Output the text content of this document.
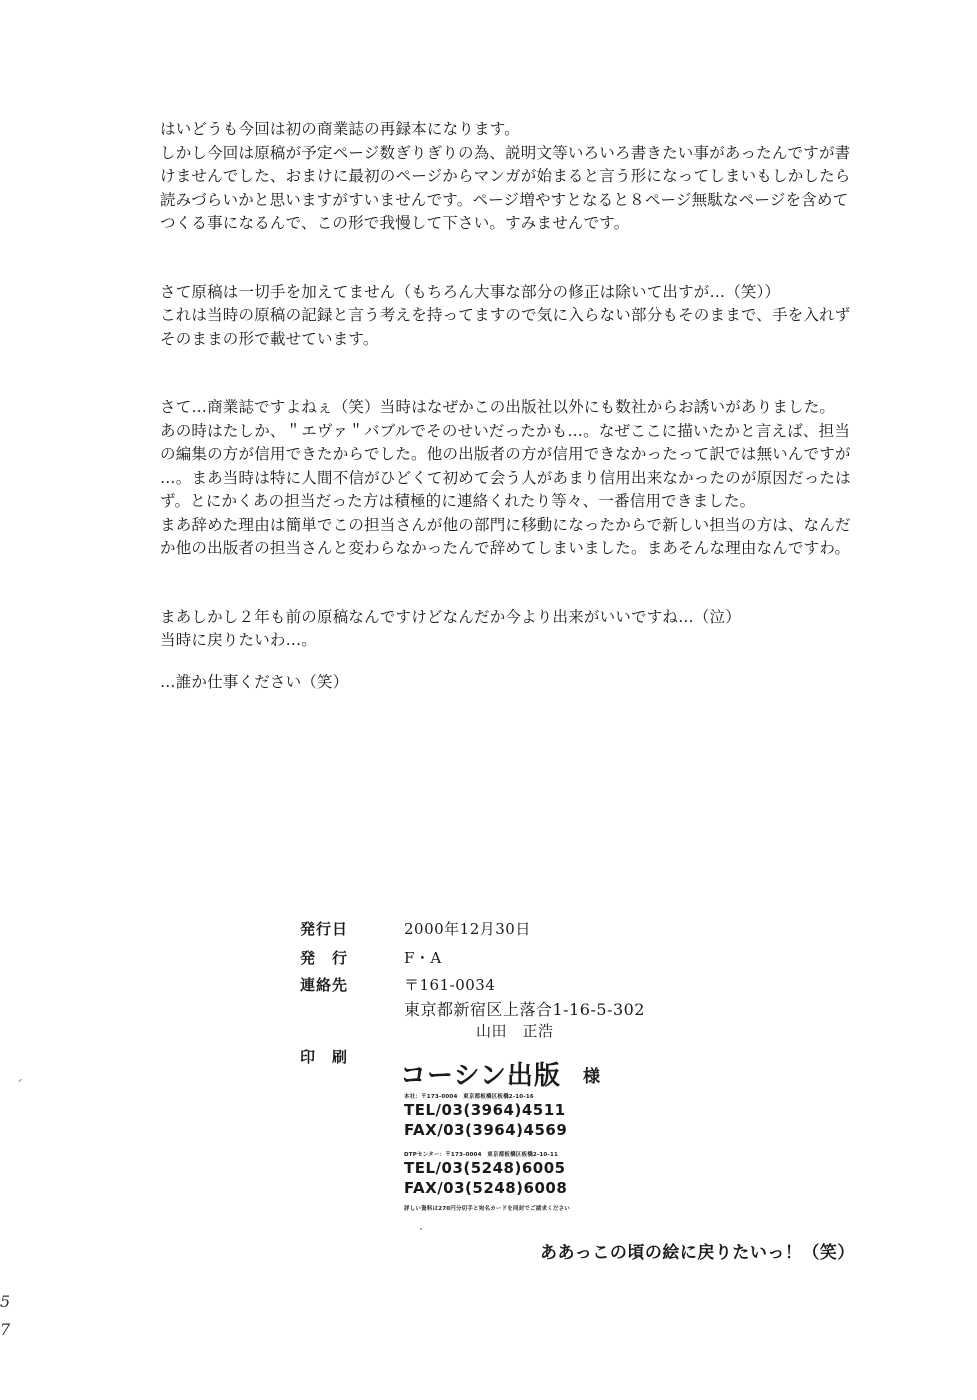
はいどうも今回は初の商業誌の再録本になります。

しかし今回は原稿が予定ページ数ぎりぎりの為、説明文等いろいろ書きたい事があったんですが書

けませんでした、おまけに最初のページからマンガが始まると言う形になってしまいもしかしたら

読みづらいかと思いますがすいませんです。ページ増やすとなると８ページ無駄なページを含めて

つくる事になるんで、この形で我慢して下さい。すみませんです。

さて原稿は一切手を加えてません（もちろん大事な部分の修正は除いて出すが…（笑））

これは当時の原稿の記録と言う考えを持ってますので気に入らない部分もそのままで、手を入れず

そのままの形で載せています。

さて…商業誌ですよねぇ（笑）当時はなぜかこの出版社以外にも数社からお誘いがありました。

あの時はたしか、＂エヴァ＂バブルでそのせいだったかも…。なぜここに描いたかと言えば、担当

の編集の方が信用できたからでした。他の出版者の方が信用できなかったって訳では無いんですが

…。まあ当時は特に人間不信がひどくて初めて会う人があまり信用出来なかったのが原因だったは

ず。とにかくあの担当だった方は積極的に連絡くれたり等々、一番信用できました。

まあ辞めた理由は簡単でこの担当さんが他の部門に移動になったからで新しい担当の方は、なんだ

か他の出版者の担当さんと変わらなかったんで辞めてしまいました。まあそんな理由なんですわ。

まあしかし２年も前の原稿なんですけどなんだか今より出来がいいですね…（泣）

当時に戻りたいわ…。

…誰か仕事ください（笑）

発行日	2000年12月30日
発　行	F・A
連絡先	〒161-0034
東京都新宿区上落合1-16-5-302
山田　正浩
印　刷
コーシン出版 様
本社：〒173-0004　東京都板橋区板橋2-10-16
TEL/03(3964)4511
FAX/03(3964)4569
DTPセンター：〒173-0004　東京都板橋区板橋2-10-11
TEL/03(5248)6005
FAX/03(5248)6008
詳しい資料は270円分切手と宛名カードを同封でご請求ください
ああっこの頃の絵に戻りたいっ！（笑）
5
7
